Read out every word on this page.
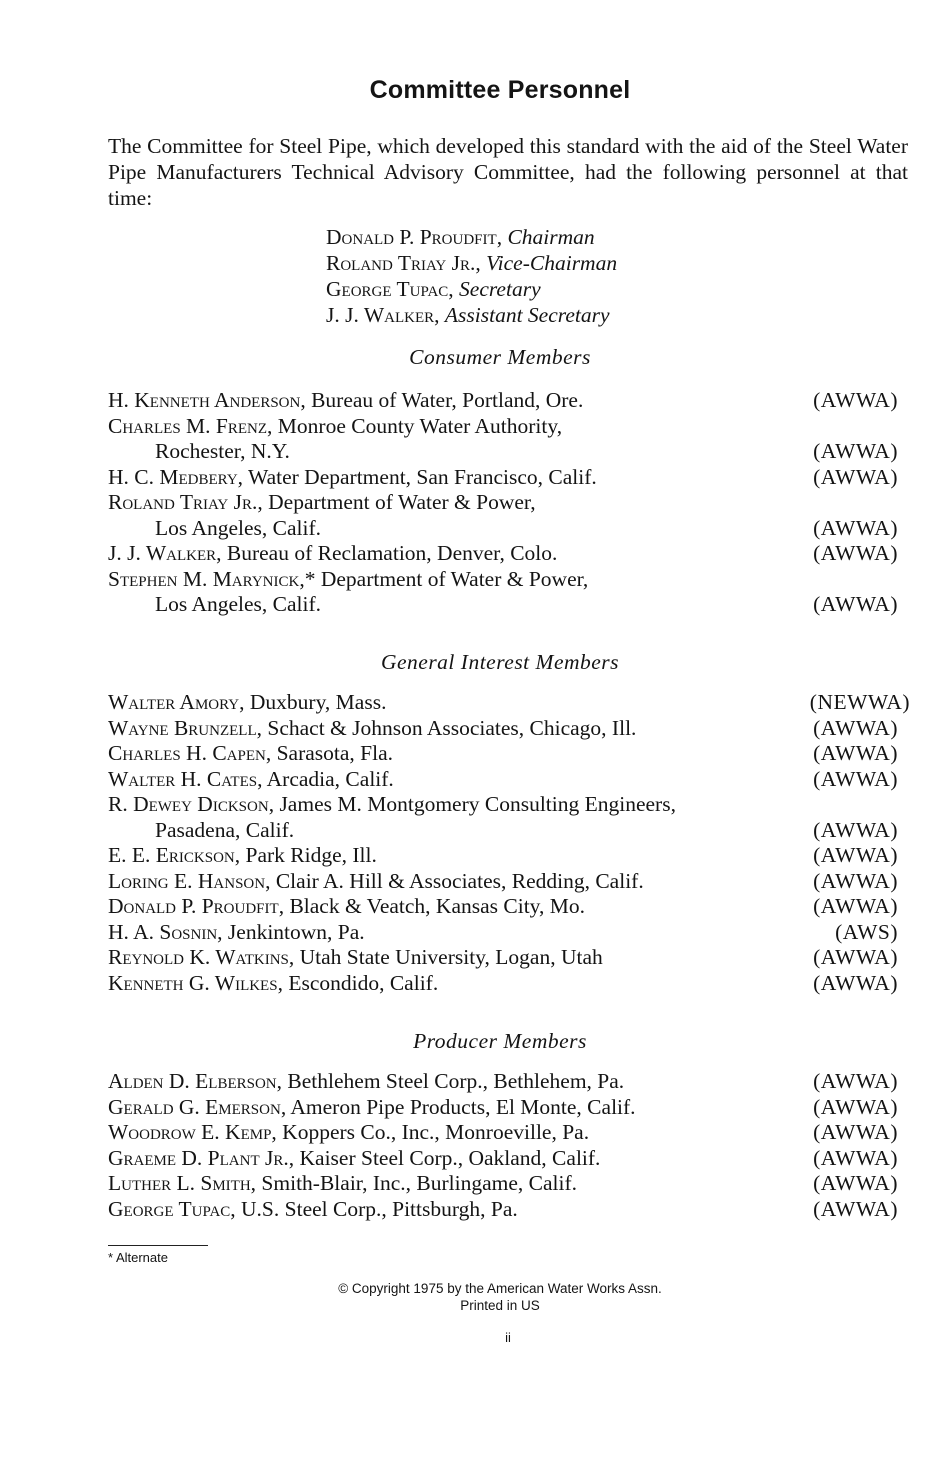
Committee Personnel
The Committee for Steel Pipe, which developed this standard with the aid of the Steel Water Pipe Manufacturers Technical Advisory Committee, had the following personnel at that time:
Donald P. Proudfit, Chairman
Roland Triay Jr., Vice-Chairman
George Tupac, Secretary
J. J. Walker, Assistant Secretary
Consumer Members
H. Kenneth Anderson, Bureau of Water, Portland, Ore.	(AWWA)
Charles M. Frenz, Monroe County Water Authority,
Rochester, N.Y.	(AWWA)
H. C. Medbery, Water Department, San Francisco, Calif.	(AWWA)
Roland Triay Jr., Department of Water & Power,
Los Angeles, Calif.	(AWWA)
J. J. Walker, Bureau of Reclamation, Denver, Colo.	(AWWA)
Stephen M. Marynick,* Department of Water & Power,
Los Angeles, Calif.	(AWWA)
General Interest Members
Walter Amory, Duxbury, Mass.	(NEWWA)
Wayne Brunzell, Schact & Johnson Associates, Chicago, Ill.	(AWWA)
Charles H. Capen, Sarasota, Fla.	(AWWA)
Walter H. Cates, Arcadia, Calif.	(AWWA)
R. Dewey Dickson, James M. Montgomery Consulting Engineers,
Pasadena, Calif.	(AWWA)
E. E. Erickson, Park Ridge, Ill.	(AWWA)
Loring E. Hanson, Clair A. Hill & Associates, Redding, Calif.	(AWWA)
Donald P. Proudfit, Black & Veatch, Kansas City, Mo.	(AWWA)
H. A. Sosnin, Jenkintown, Pa.	(AWS)
Reynold K. Watkins, Utah State University, Logan, Utah	(AWWA)
Kenneth G. Wilkes, Escondido, Calif.	(AWWA)
Producer Members
Alden D. Elberson, Bethlehem Steel Corp., Bethlehem, Pa.	(AWWA)
Gerald G. Emerson, Ameron Pipe Products, El Monte, Calif.	(AWWA)
Woodrow E. Kemp, Koppers Co., Inc., Monroeville, Pa.	(AWWA)
Graeme D. Plant Jr., Kaiser Steel Corp., Oakland, Calif.	(AWWA)
Luther L. Smith, Smith-Blair, Inc., Burlingame, Calif.	(AWWA)
George Tupac, U.S. Steel Corp., Pittsburgh, Pa.	(AWWA)
* Alternate
© Copyright 1975 by the American Water Works Assn.
Printed in US
ii
